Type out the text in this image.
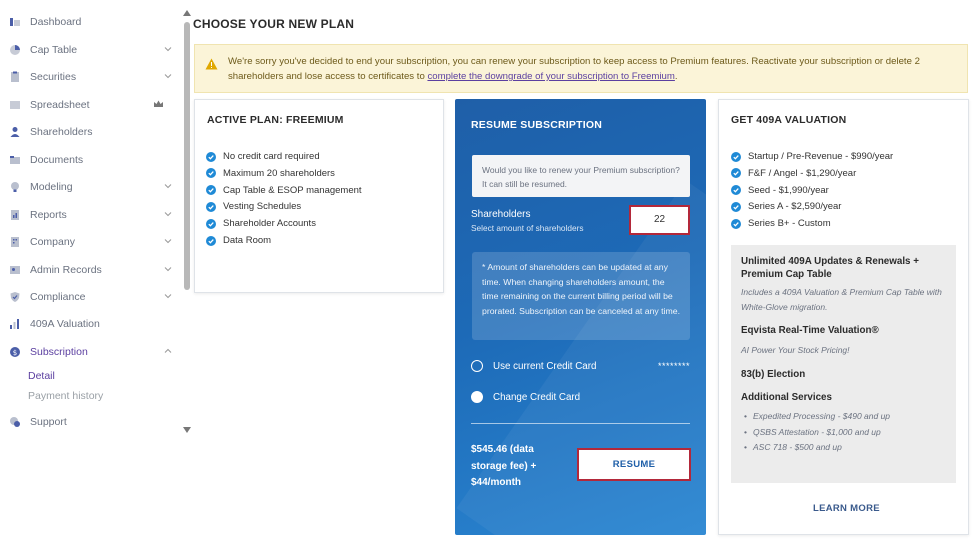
Dashboard
Cap Table
Securities
Spreadsheet
Shareholders
Documents
Modeling
Reports
Company
Admin Records
Compliance
409A Valuation
$ Subscription
Detail
Payment history
Support
CHOOSE YOUR NEW PLAN
We're sorry you've decided to end your subscription, you can renew your subscription to keep access to Premium features. Reactivate your subscription or delete 2 shareholders and lose access to certificates to complete the downgrade of your subscription to Freemium.
ACTIVE PLAN: FREEMIUM
No credit card required
Maximum 20 shareholders
Cap Table & ESOP management
Vesting Schedules
Shareholder Accounts
Data Room
RESUME SUBSCRIPTION
Would you like to renew your Premium subscription? It can still be resumed.
Shareholders
Select amount of shareholders
22
* Amount of shareholders can be updated at any time. When changing shareholders amount, the time remaining on the current billing period will be prorated. Subscription can be canceled at any time.
Use current Credit Card	********
Change Credit Card
$545.46 (data storage fee) + $44/month
RESUME
GET 409A VALUATION
Startup / Pre-Revenue - $990/year
F&F / Angel - $1,290/year
Seed - $1,990/year
Series A - $2,590/year
Series B+ - Custom
Unlimited 409A Updates & Renewals + Premium Cap Table
Includes a 409A Valuation & Premium Cap Table with White-Glove migration.
Eqvista Real-Time Valuation®
AI Power Your Stock Pricing!
83(b) Election
Additional Services
• Expedited Processing - $490 and up
• QSBS Attestation - $1,000 and up
• ASC 718 - $500 and up
LEARN MORE
